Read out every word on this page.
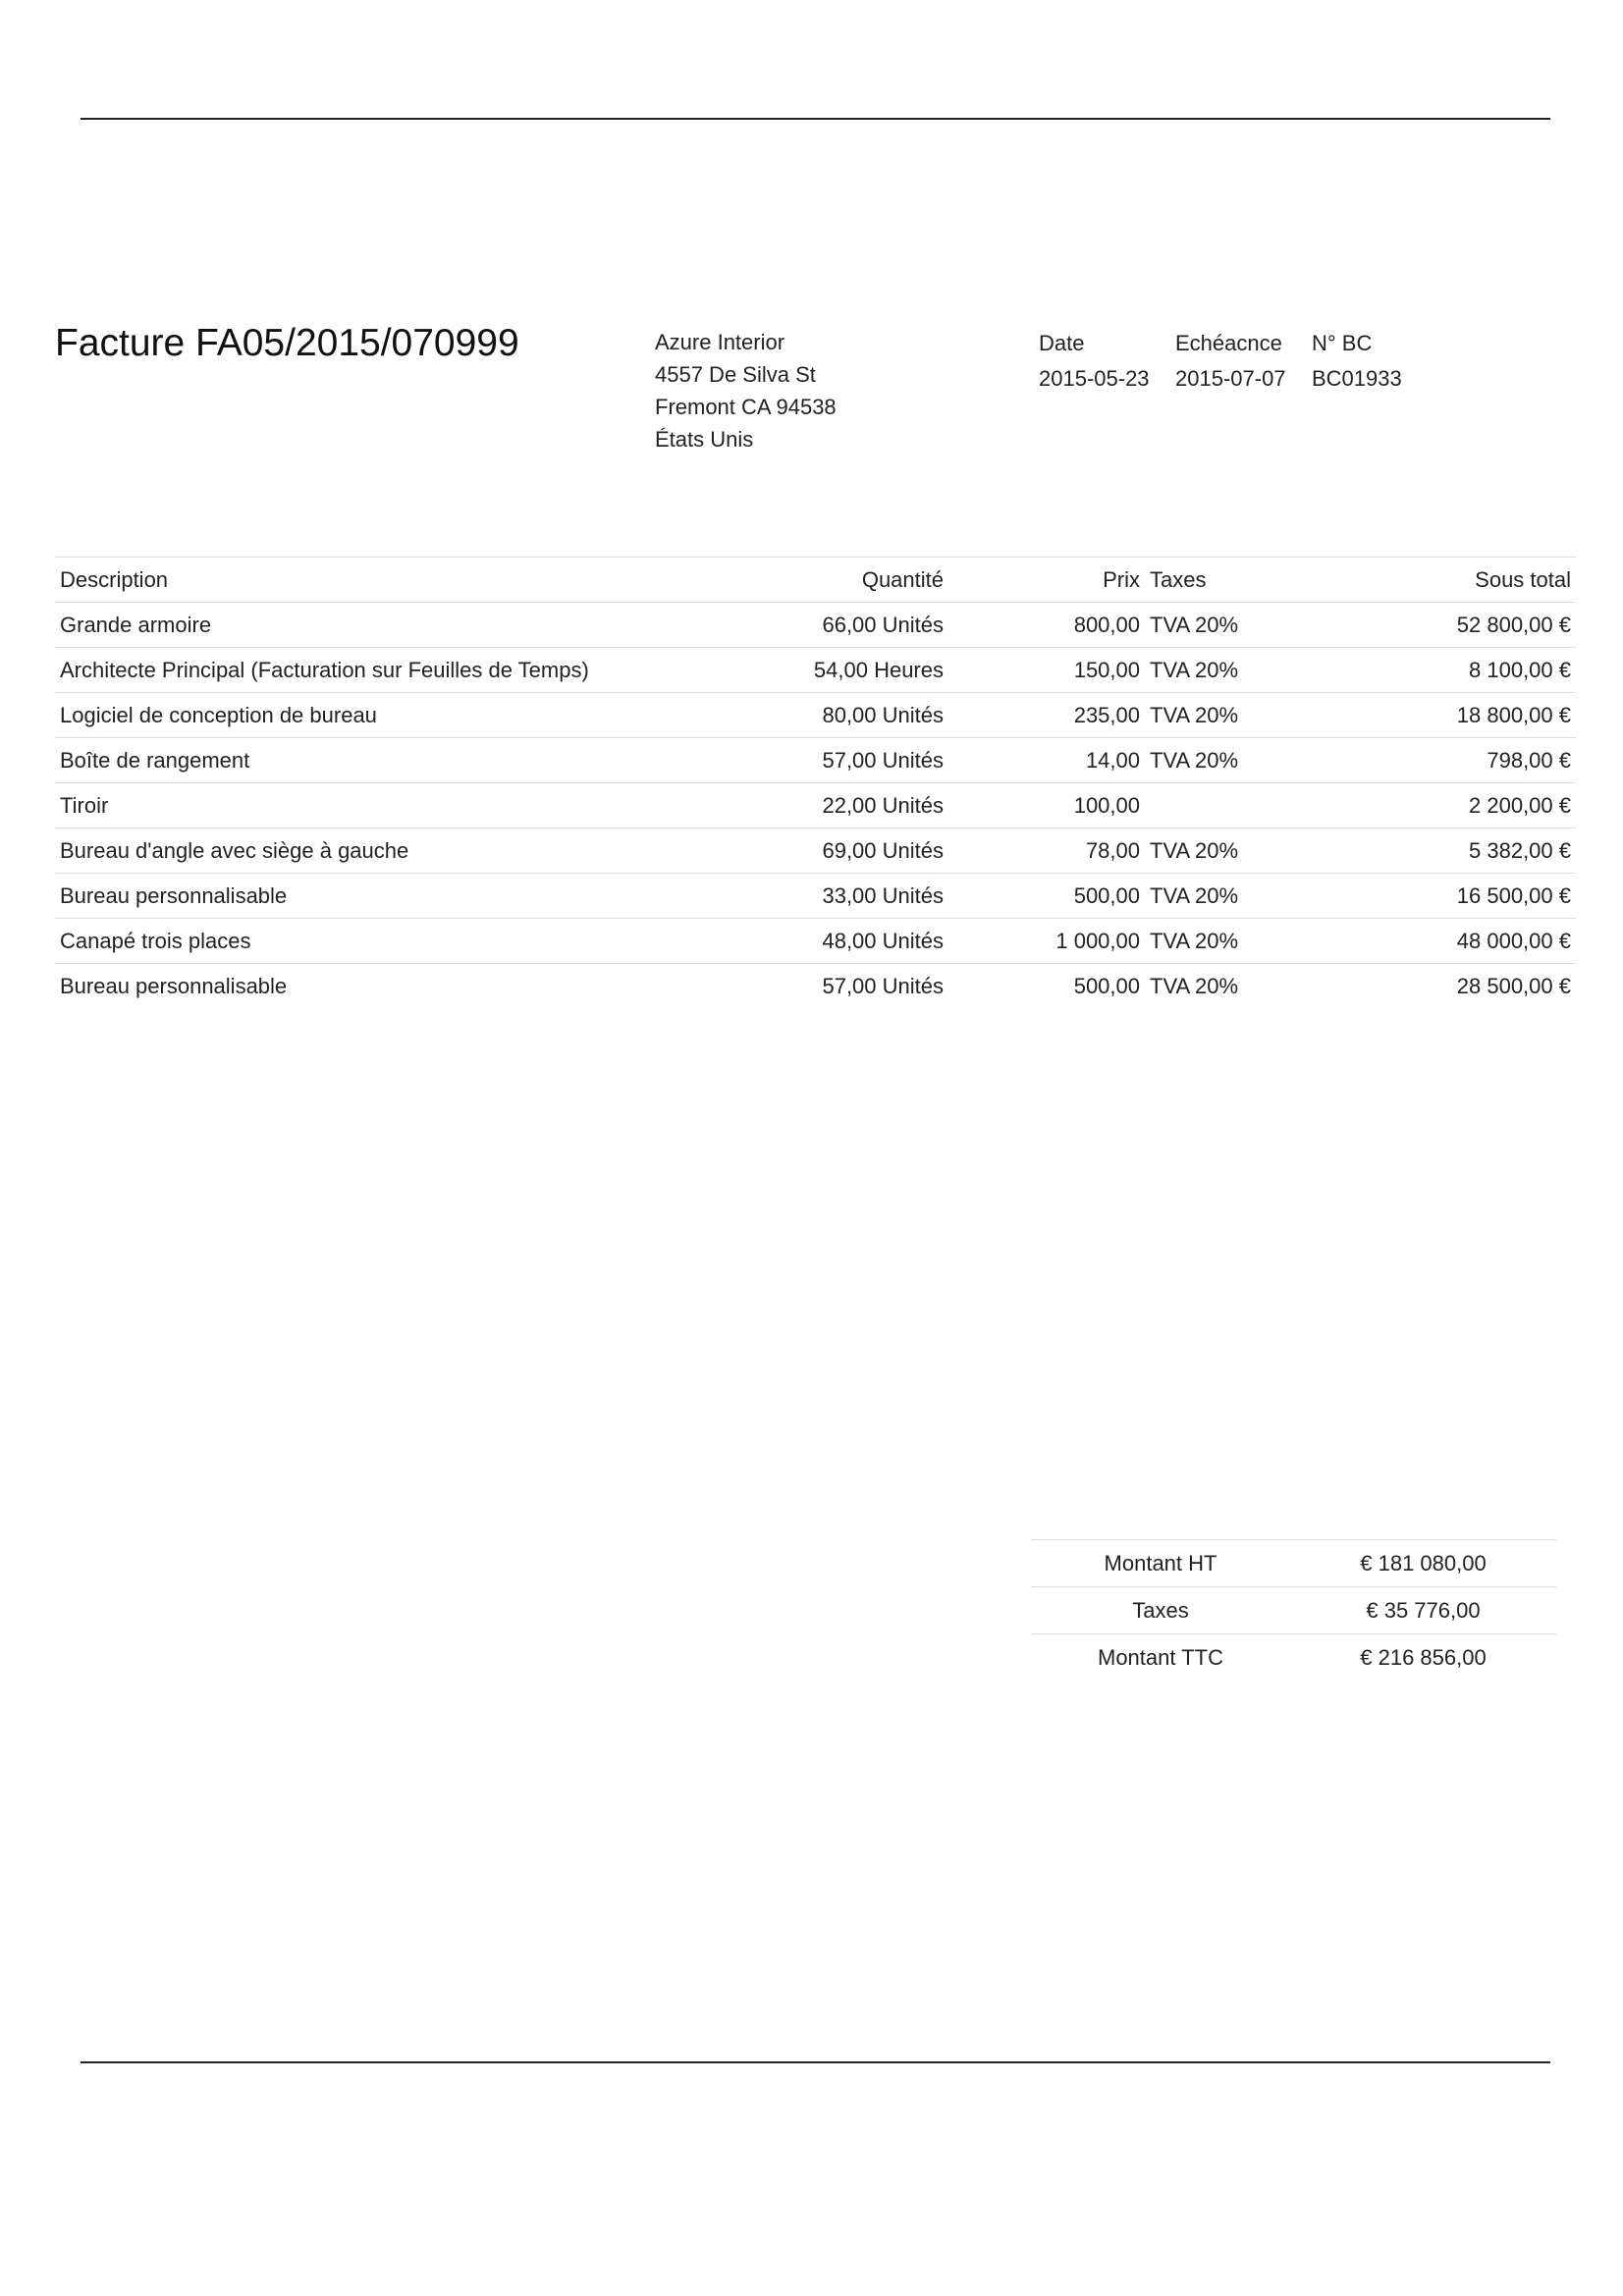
Facture FA05/2015/070999	Azure Interior
4557 De Silva St
Fremont CA 94538
États Unis
Date	Echéacnce	N° BC
2015-05-23	2015-07-07	BC01933
Description	Quantité	Prix	Taxes	Sous total
Grande armoire	66,00 Unités	800,00	TVA 20%	52 800,00 €
Architecte Principal (Facturation sur Feuilles de Temps)	54,00 Heures	150,00	TVA 20%	8 100,00 €
Logiciel de conception de bureau	80,00 Unités	235,00	TVA 20%	18 800,00 €
Boîte de rangement	57,00 Unités	14,00	TVA 20%	798,00 €
Tiroir	22,00 Unités	100,00		2 200,00 €
Bureau d'angle avec siège à gauche	69,00 Unités	78,00	TVA 20%	5 382,00 €
Bureau personnalisable	33,00 Unités	500,00	TVA 20%	16 500,00 €
Canapé trois places	48,00 Unités	1 000,00	TVA 20%	48 000,00 €
Bureau personnalisable	57,00 Unités	500,00	TVA 20%	28 500,00 €
Montant HT	€ 181 080,00
Taxes	€ 35 776,00
Montant TTC	€ 216 856,00
